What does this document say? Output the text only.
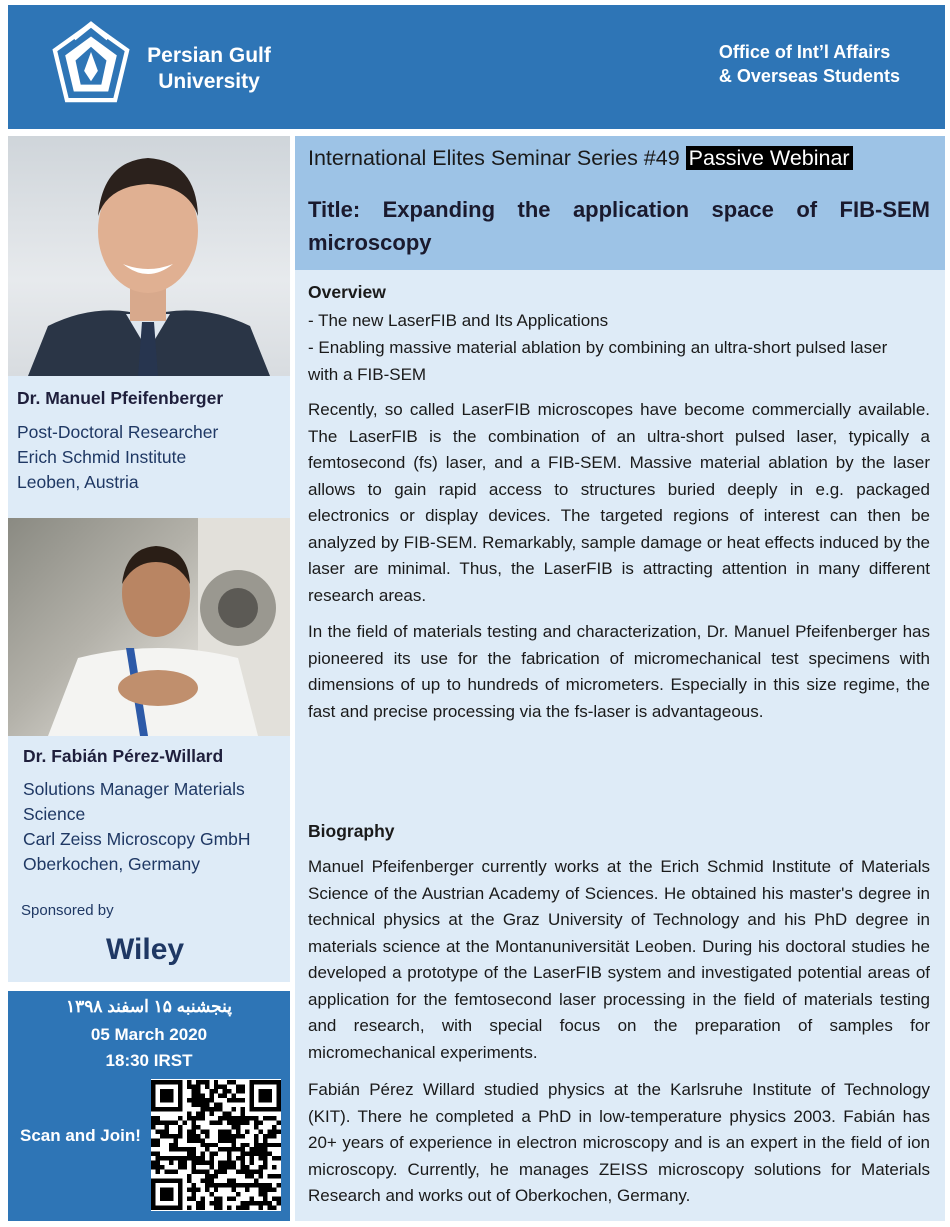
Persian Gulf University
Office of Int’l Affairs
& Overseas Students
Dr. Manuel Pfeifenberger
Post-Doctoral Researcher
Erich Schmid Institute
Leoben, Austria
Dr. Fabián Pérez-Willard
Solutions Manager Materials
Science
Carl Zeiss Microscopy GmbH
Oberkochen, Germany
Sponsored by
Wiley
پنجشنبه ۱۵ اسفند ۱۳۹۸
05 March 2020
18:30 IRST
Scan and Join!
International Elites Seminar Series #49 Passive Webinar
Title: Expanding the application space of FIB-SEM microscopy
Overview
- The new LaserFIB and Its Applications
- Enabling massive material ablation by combining an ultra-short pulsed laser with a FIB-SEM
Recently, so called LaserFIB microscopes have become commercially available. The LaserFIB is the combination of an ultra-short pulsed laser, typically a femtosecond (fs) laser, and a FIB-SEM. Massive material ablation by the laser allows to gain rapid access to structures buried deeply in e.g. packaged electronics or display devices. The targeted regions of interest can then be analyzed by FIB-SEM. Remarkably, sample damage or heat effects induced by the laser are minimal. Thus, the LaserFIB is attracting attention in many different research areas.
In the field of materials testing and characterization, Dr. Manuel Pfeifenberger has pioneered its use for the fabrication of micromechanical test specimens with dimensions of up to hundreds of micrometers. Especially in this size regime, the fast and precise processing via the fs-laser is advantageous.
Biography
Manuel Pfeifenberger currently works at the Erich Schmid Institute of Materials Science of the Austrian Academy of Sciences. He obtained his master's degree in technical physics at the Graz University of Technology and his PhD degree in materials science at the Montanuniversität Leoben. During his doctoral studies he developed a prototype of the LaserFIB system and investigated potential areas of application for the femtosecond laser processing in the field of materials testing and research, with special focus on the preparation of samples for micromechanical experiments.
Fabián Pérez Willard studied physics at the Karlsruhe Institute of Technology (KIT). There he completed a PhD in low-temperature physics 2003. Fabián has 20+ years of experience in electron microscopy and is an expert in the field of ion microscopy. Currently, he manages ZEISS microscopy solutions for Materials Research and works out of Oberkochen, Germany.
